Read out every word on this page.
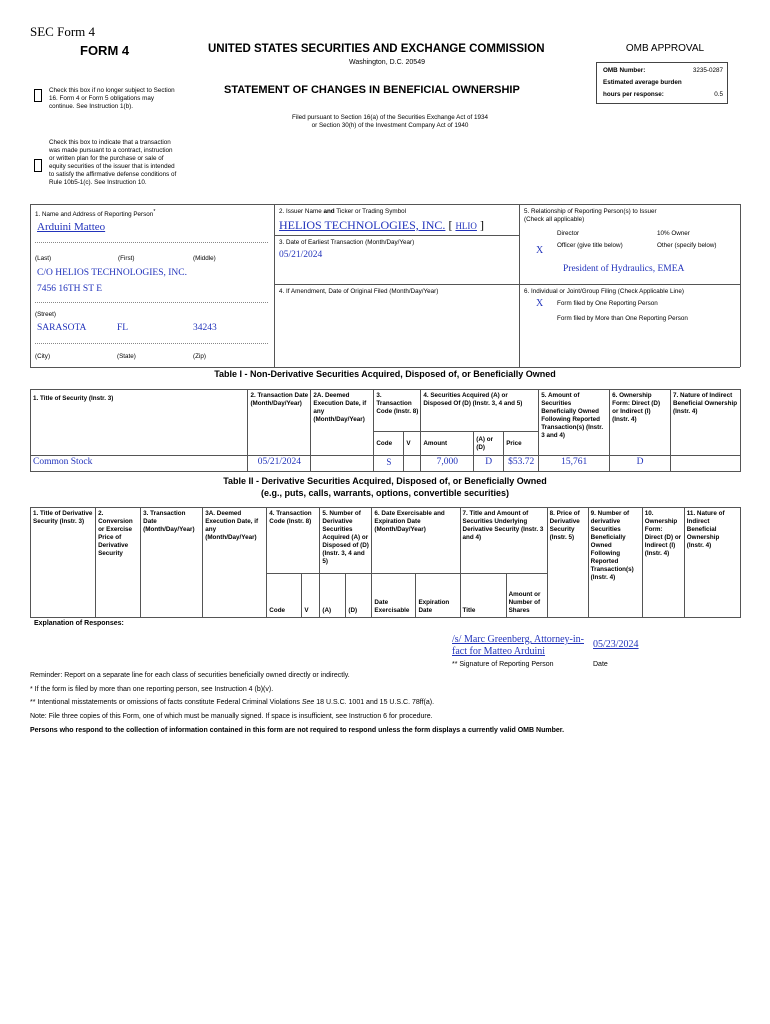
SEC Form 4
FORM 4	UNITED STATES SECURITIES AND EXCHANGE COMMISSION
Washington, D.C. 20549
OMB APPROVAL
OMB Number:	3235-0287
Estimated average burden
hours per response:	0.5
STATEMENT OF CHANGES IN BENEFICIAL OWNERSHIP
Filed pursuant to Section 16(a) of the Securities Exchange Act of 1934
or Section 30(h) of the Investment Company Act of 1940
Check this box if no longer subject to Section 16. Form 4 or Form 5 obligations may continue. See Instruction 1(b).
Check this box to indicate that a transaction was made pursuant to a contract, instruction or written plan for the purchase or sale of equity securities of the issuer that is intended to satisfy the affirmative defense conditions of Rule 10b5-1(c). See Instruction 10.
1. Name and Address of Reporting Person*
Arduini Matteo
(Last)	(First)	(Middle)
C/O HELIOS TECHNOLOGIES, INC.
7456 16TH ST E
(Street)
SARASOTA	FL	34243
(City)	(State)	(Zip)
2. Issuer Name and Ticker or Trading Symbol
HELIOS TECHNOLOGIES, INC. [ HLIO ]
3. Date of Earliest Transaction (Month/Day/Year)
05/21/2024
4. If Amendment, Date of Original Filed (Month/Day/Year)
5. Relationship of Reporting Person(s) to Issuer
(Check all applicable)
Director	10% Owner
X Officer (give title below)	Other (specify below)
President of Hydraulics, EMEA
6. Individual or Joint/Group Filing (Check Applicable Line)
X Form filed by One Reporting Person
Form filed by More than One Reporting Person
Table I - Non-Derivative Securities Acquired, Disposed of, or Beneficially Owned
1. Title of Security (Instr. 3)	2. Transaction Date (Month/Day/Year)	2A. Deemed Execution Date, if any (Month/Day/Year)	3. Transaction Code (Instr. 8)		4. Securities Acquired (A) or Disposed Of (D) (Instr. 3, 4 and 5)			5. Amount of Securities Beneficially Owned Following Reported Transaction(s) (Instr. 3 and 4)	6. Ownership Form: Direct (D) or Indirect (I) (Instr. 4)	7. Nature of Indirect Beneficial Ownership (Instr. 4)
			Code	V	Amount	(A) or (D)	Price			
Common Stock	05/21/2024		S		7,000	D	$53.72	15,761	D	
Table II - Derivative Securities Acquired, Disposed of, or Beneficially Owned
(e.g., puts, calls, warrants, options, convertible securities)
1. Title of Derivative Security (Instr. 3)	2. Conversion or Exercise Price of Derivative Security	3. Transaction Date (Month/Day/Year)	3A. Deemed Execution Date, if any (Month/Day/Year)	4. Transaction Code (Instr. 8)		5. Number of Derivative Securities Acquired (A) or Disposed of (D) (Instr. 3, 4 and 5)		6. Date Exercisable and Expiration Date (Month/Day/Year)		7. Title and Amount of Securities Underlying Derivative Security (Instr. 3 and 4)		8. Price of Derivative Security (Instr. 5)	9. Number of derivative Securities Beneficially Owned Following Reported Transaction(s) (Instr. 4)	10. Ownership Form: Direct (D) or Indirect (I) (Instr. 4)	11. Nature of Indirect Beneficial Ownership (Instr. 4)
				Code	V	(A)	(D)	Date Exercisable	Expiration Date	Title	Amount or Number of Shares				
Explanation of Responses:
/s/ Marc Greenberg, Attorney-in-fact for Matteo Arduini
05/23/2024
** Signature of Reporting Person	Date
Reminder: Report on a separate line for each class of securities beneficially owned directly or indirectly.
* If the form is filed by more than one reporting person, see Instruction 4 (b)(v).
** Intentional misstatements or omissions of facts constitute Federal Criminal Violations See 18 U.S.C. 1001 and 15 U.S.C. 78ff(a).
Note: File three copies of this Form, one of which must be manually signed. If space is insufficient, see Instruction 6 for procedure.
Persons who respond to the collection of information contained in this form are not required to respond unless the form displays a currently valid OMB Number.
